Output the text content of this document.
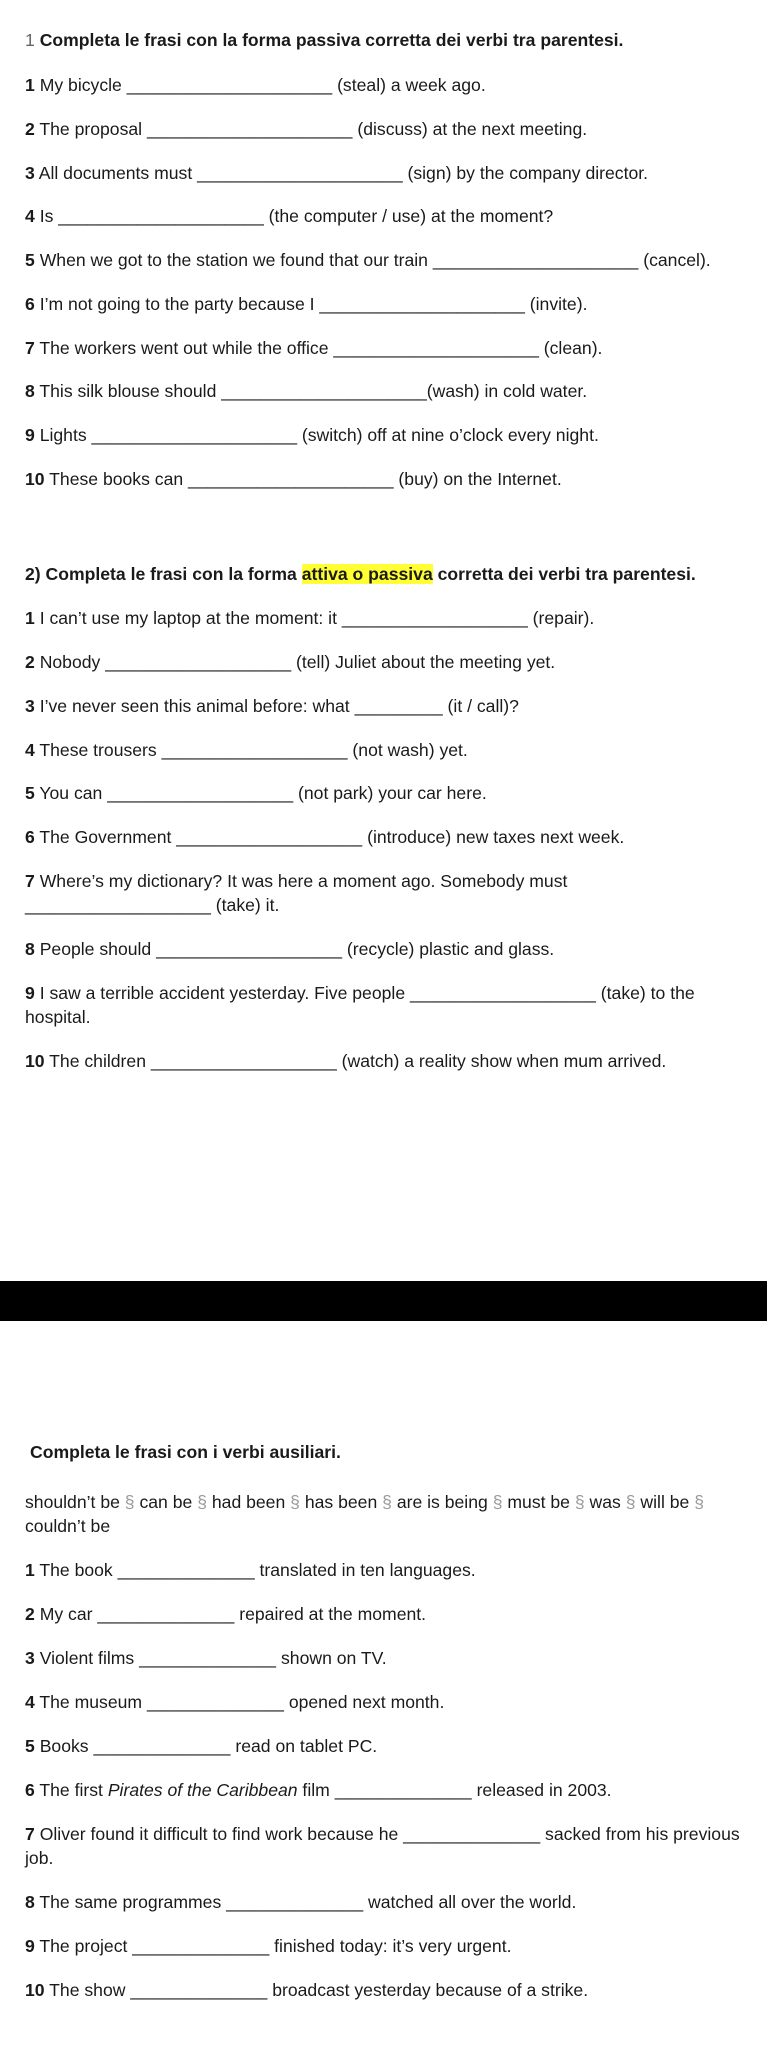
1 Completa le frasi con la forma passiva corretta dei verbi tra parentesi.
1 My bicycle _____________________ (steal) a week ago.
2 The proposal _____________________ (discuss) at the next meeting.
3 All documents must _____________________ (sign) by the company director.
4 Is _____________________ (the computer / use) at the moment?
5 When we got to the station we found that our train _____________________ (cancel).
6 I’m not going to the party because I _____________________ (invite).
7 The workers went out while the office _____________________ (clean).
8 This silk blouse should _____________________(wash) in cold water.
9 Lights _____________________ (switch) off at nine o’clock every night.
10 These books can _____________________ (buy) on the Internet.
2) Completa le frasi con la forma attiva o passiva corretta dei verbi tra parentesi.
1 I can’t use my laptop at the moment: it ___________________ (repair).
2 Nobody ___________________ (tell) Juliet about the meeting yet.
3 I’ve never seen this animal before: what _________ (it / call)?
4 These trousers ___________________ (not wash) yet.
5 You can ___________________ (not park) your car here.
6 The Government ___________________ (introduce) new taxes next week.
7 Where’s my dictionary? It was here a moment ago. Somebody must
___________________ (take) it.
8 People should ___________________ (recycle) plastic and glass.
9 I saw a terrible accident yesterday. Five people ___________________ (take) to the
hospital.
10 The children ___________________ (watch) a reality show when mum arrived.
Completa le frasi con i verbi ausiliari.
shouldn’t be § can be § had been § has been § are is being § must be § was § will be §
couldn’t be
1 The book ______________ translated in ten languages.
2 My car ______________ repaired at the moment.
3 Violent films ______________ shown on TV.
4 The museum ______________ opened next month.
5 Books ______________ read on tablet PC.
6 The first Pirates of the Caribbean film ______________ released in 2003.
7 Oliver found it difficult to find work because he ______________ sacked from his previous
job.
8 The same programmes ______________ watched all over the world.
9 The project ______________ finished today: it’s very urgent.
10 The show ______________ broadcast yesterday because of a strike.
